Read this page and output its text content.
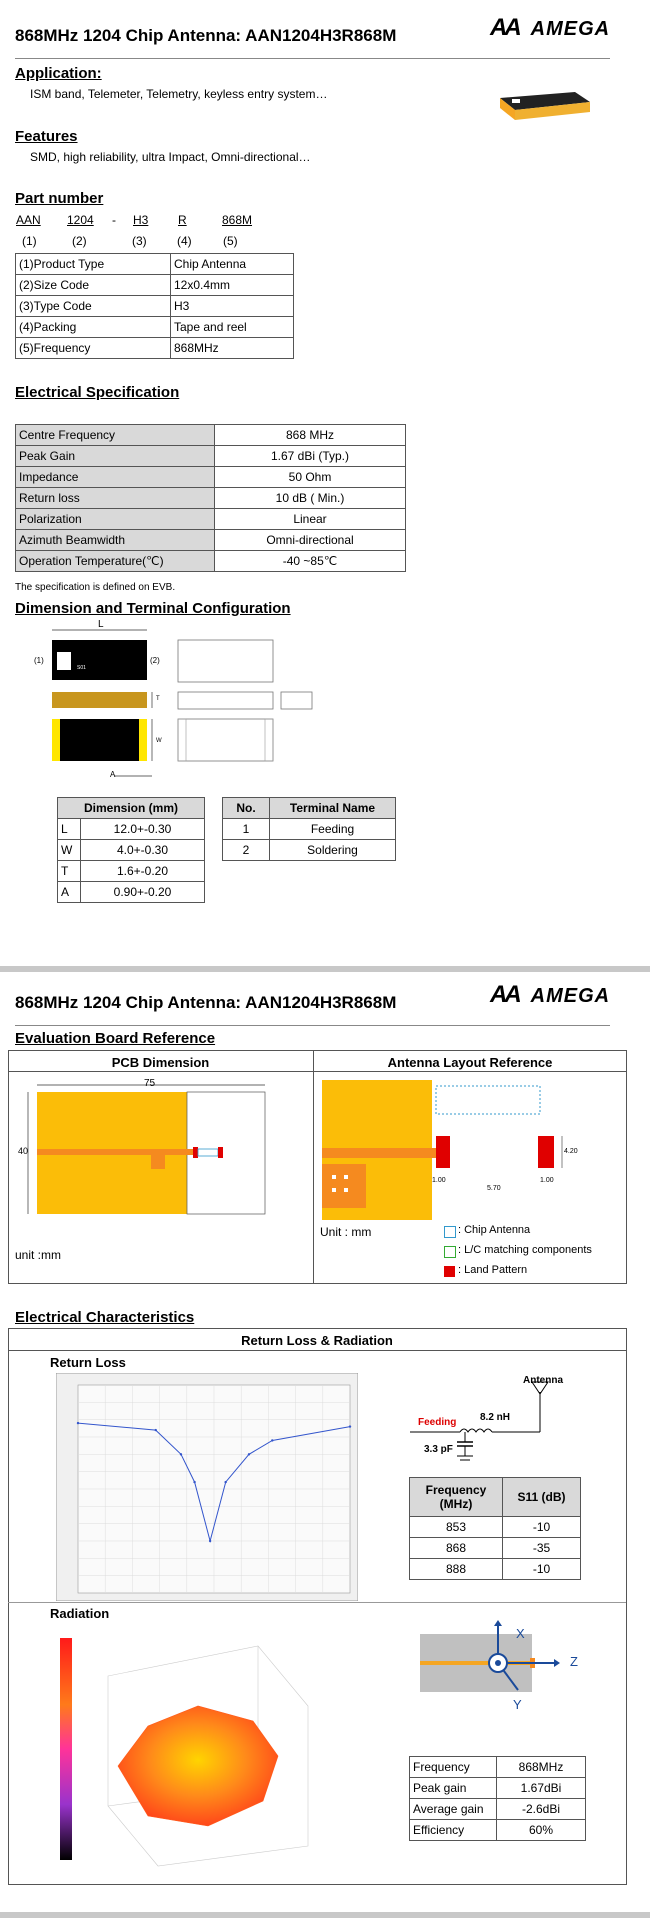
868MHz 1204 Chip Antenna: AAN1204H3R868M	AA AMEGA
Application:
ISM band, Telemeter, Telemetry, keyless entry system…
Features
SMD, high reliability, ultra Impact, Omni-directional…
Part number
AAN 1204 - H3 R	868M
(1)	(2)	(3)	(4)	(5)
(1)Product Type	Chip Antenna
(2)Size Code	12x0.4mm
(3)Type Code	H3
(4)Packing	Tape and reel
(5)Frequency	868MHz
Electrical Specification
Centre Frequency	868 MHz
Peak Gain	1.67 dBi (Typ.)
Impedance	50 Ohm
Return loss	10 dB ( Min.)
Polarization	Linear
Azimuth Beamwidth	Omni-directional
Operation Temperature(℃)	-40 ~85℃
The specification is defined on EVB.
Dimension and Terminal Configuration
S01
L
(1)	(2)
T
W
A
Dimension (mm)	
L	12.0+-0.30
W	4.0+-0.30
T	1.6+-0.20
A	0.90+-0.20
No.	Terminal Name
1	Feeding
2	Soldering
868MHz 1204 Chip Antenna: AAN1204H3R868M	AA AMEGA
Evaluation Board Reference
PCB Dimension	Antenna Layout Reference
75
40
unit :mm
4.20
1.00
5.70
1.00
Unit : mm	: Chip Antenna
: L/C matching components
: Land Pattern
Electrical Characteristics
Return Loss & Radiation
Return Loss
Antenna
Feeding 8.2 nH
3.3 pF
Frequency (MHz)	S11 (dB)
853	-10
868	-35
888	-10
Radiation
X
Y
Z
Frequency	868MHz
Peak gain	1.67dBi
Average gain	-2.6dBi
Efficiency	60%
